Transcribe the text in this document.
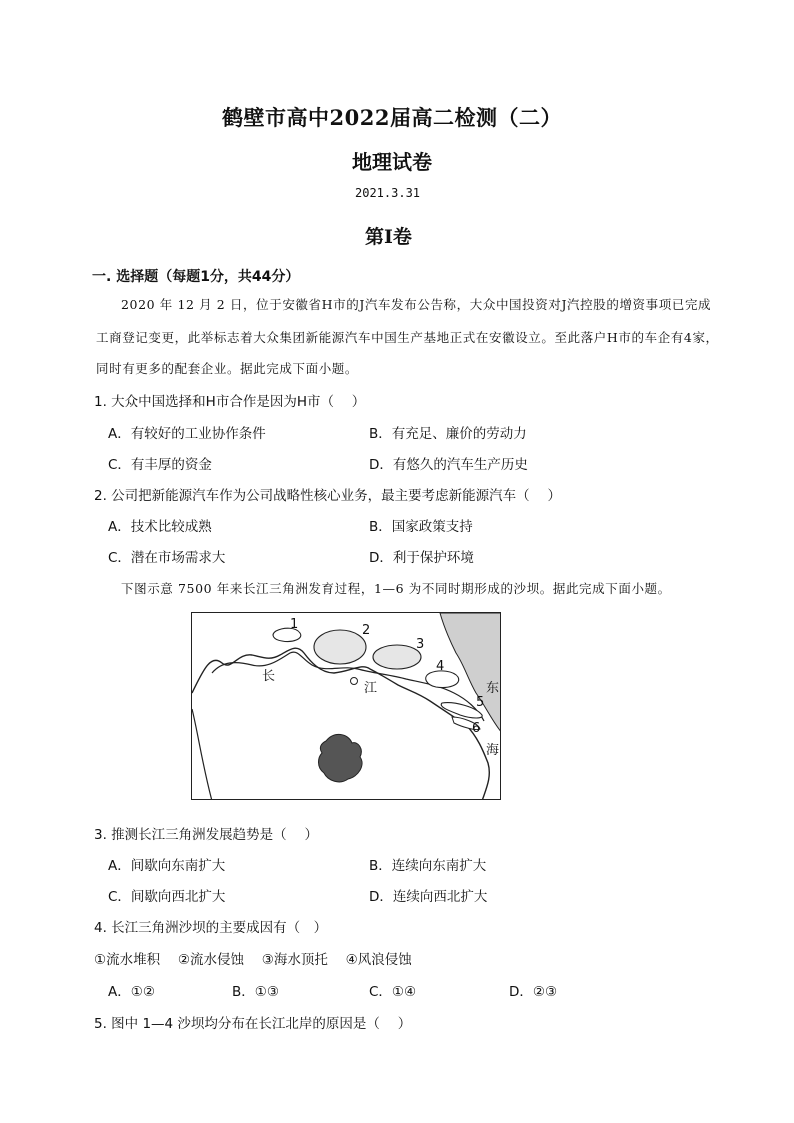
鹤壁市高中2022届高二检测（二）
地理试卷
2021.3.31
第Ⅰ卷
一. 选择题（每题1分，共44分）
2020 年 12 月 2 日，位于安徽省H市的J汽车发布公告称，大众中国投资对J汽控股的增资事项已完成
工商登记变更，此举标志着大众集团新能源汽车中国生产基地正式在安徽设立。至此落户H市的车企有4家，
同时有更多的配套企业。据此完成下面小题。
1. 大众中国选择和H市合作是因为H市（　 ）
A．有较好的工业协作条件	B．有充足、廉价的劳动力
C．有丰厚的资金	D．有悠久的汽车生产历史
2. 公司把新能源汽车作为公司战略性核心业务，最主要考虑新能源汽车（　 ）
A．技术比较成熟	B．国家政策支持
C．潜在市场需求大	D．利于保护环境
下图示意 7500 年来长江三角洲发育过程，1—6 为不同时期形成的沙坝。据此完成下面小题。
1	2
3
4
5
6
长
江	东
海
3. 推测长江三角洲发展趋势是（　 ）
A．间歇向东南扩大	B．连续向东南扩大
C．间歇向西北扩大	D．连续向西北扩大
4. 长江三角洲沙坝的主要成因有（　）
①流水堆积　 ②流水侵蚀　 ③海水顶托　 ④风浪侵蚀
A．①②	B．①③	C．①④	D．②③
5. 图中 1—4 沙坝均分布在长江北岸的原因是（　 ）
